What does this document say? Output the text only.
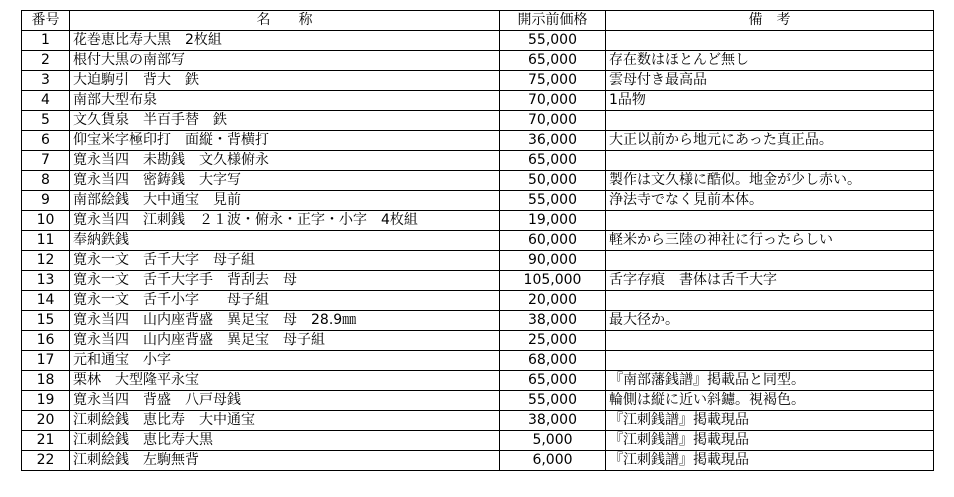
番号	名　　称	開示前価格	備　考
1	花巻恵比寿大黒　2枚組	55,000	
2	根付大黒の南部写	65,000	存在数はほとんど無し
3	大迫駒引　背大　鉄	75,000	雲母付き最高品
4	南部大型布泉	70,000	1品物
5	文久貨泉　半百手替　鉄	70,000	
6	仰宝米字極印打　面縦・背横打	36,000	大正以前から地元にあった真正品。
7	寛永当四　未勘銭　文久様俯永	65,000	
8	寛永当四　密鋳銭　大字写	50,000	製作は文久様に酷似。地金が少し赤い。
9	南部絵銭　大中通宝　見前	55,000	浄法寺でなく見前本体。
10	寛永当四　江刺銭　２１波・俯永・正字・小字　4枚組	19,000	
11	奉納鉄銭	60,000	軽米から三陸の神社に行ったらしい
12	寛永一文　舌千大字　母子組	90,000	
13	寛永一文　舌千大字手　背刮去　母	105,000	舌字存痕　書体は舌千大字
14	寛永一文　舌千小字　　母子組	20,000	
15	寛永当四　山内座背盛　異足宝　母　28.9㎜	38,000	最大径か。
16	寛永当四　山内座背盛　異足宝　母子組	25,000	
17	元和通宝　小字	68,000	
18	栗林　大型隆平永宝	65,000	『南部藩銭譜』掲載品と同型。
19	寛永当四　背盛　八戸母銭	55,000	輪側は縦に近い斜鑢。視褐色。
20	江刺絵銭　恵比寿　大中通宝	38,000	『江刺銭譜』掲載現品
21	江刺絵銭　恵比寿大黒	5,000	『江刺銭譜』掲載現品
22	江刺絵銭　左駒無背	6,000	『江刺銭譜』掲載現品
